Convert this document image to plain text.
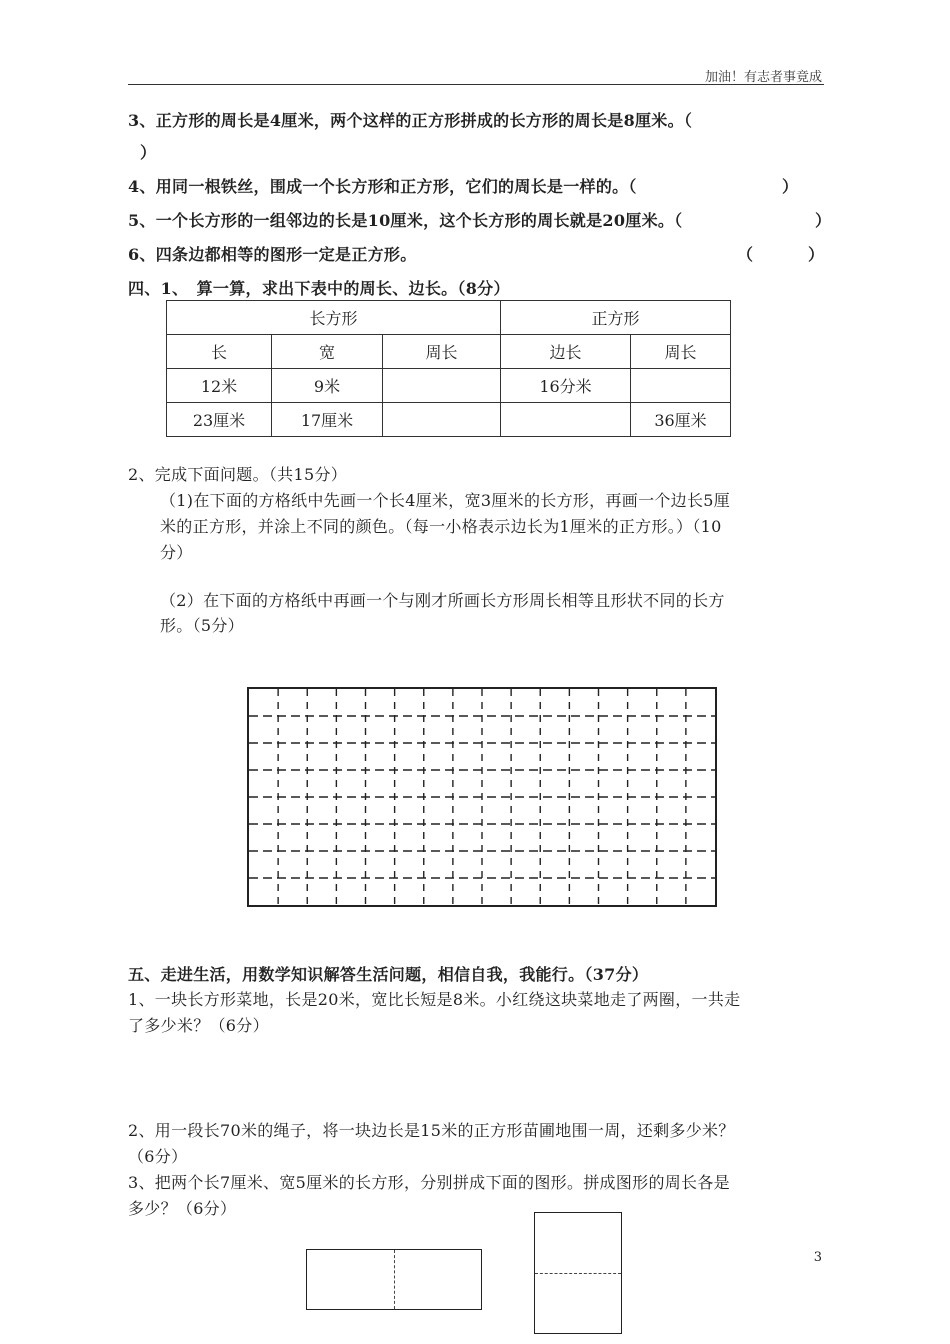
加油！有志者事竟成
3、正方形的周长是4厘米，两个这样的正方形拼成的长方形的周长是8厘米。（
）
4、用同一根铁丝，围成一个长方形和正方形，它们的周长是一样的。（	）
5、一个长方形的一组邻边的长是10厘米，这个长方形的周长就是20厘米。（	）
6、四条边都相等的图形一定是正方形。	（	）
四、1、　算一算，求出下表中的周长、边长。（8分）
长方形			正方形	
长	宽	周长	边长	周长
12米	9米		16分米	
23厘米	17厘米			36厘米
2、完成下面问题。（共15分）
（1)在下面的方格纸中先画一个长4厘米，宽3厘米的长方形，再画一个边长5厘
米的正方形，并涂上不同的颜色。（每一小格表示边长为1厘米的正方形。）（10
分）
（2）在下面的方格纸中再画一个与刚才所画长方形周长相等且形状不同的长方
形。（5分）
五、走进生活，用数学知识解答生活问题，相信自我，我能行。（37分）
1、一块长方形菜地，长是20米，宽比长短是8米。小红绕这块菜地走了两圈，一共走
了多少米？（6分）
2、用一段长70米的绳子，将一块边长是15米的正方形苗圃地围一周，还剩多少米？
（6分）
3、把两个长7厘米、宽5厘米的长方形，分别拼成下面的图形。拼成图形的周长各是
多少？（6分）
3
